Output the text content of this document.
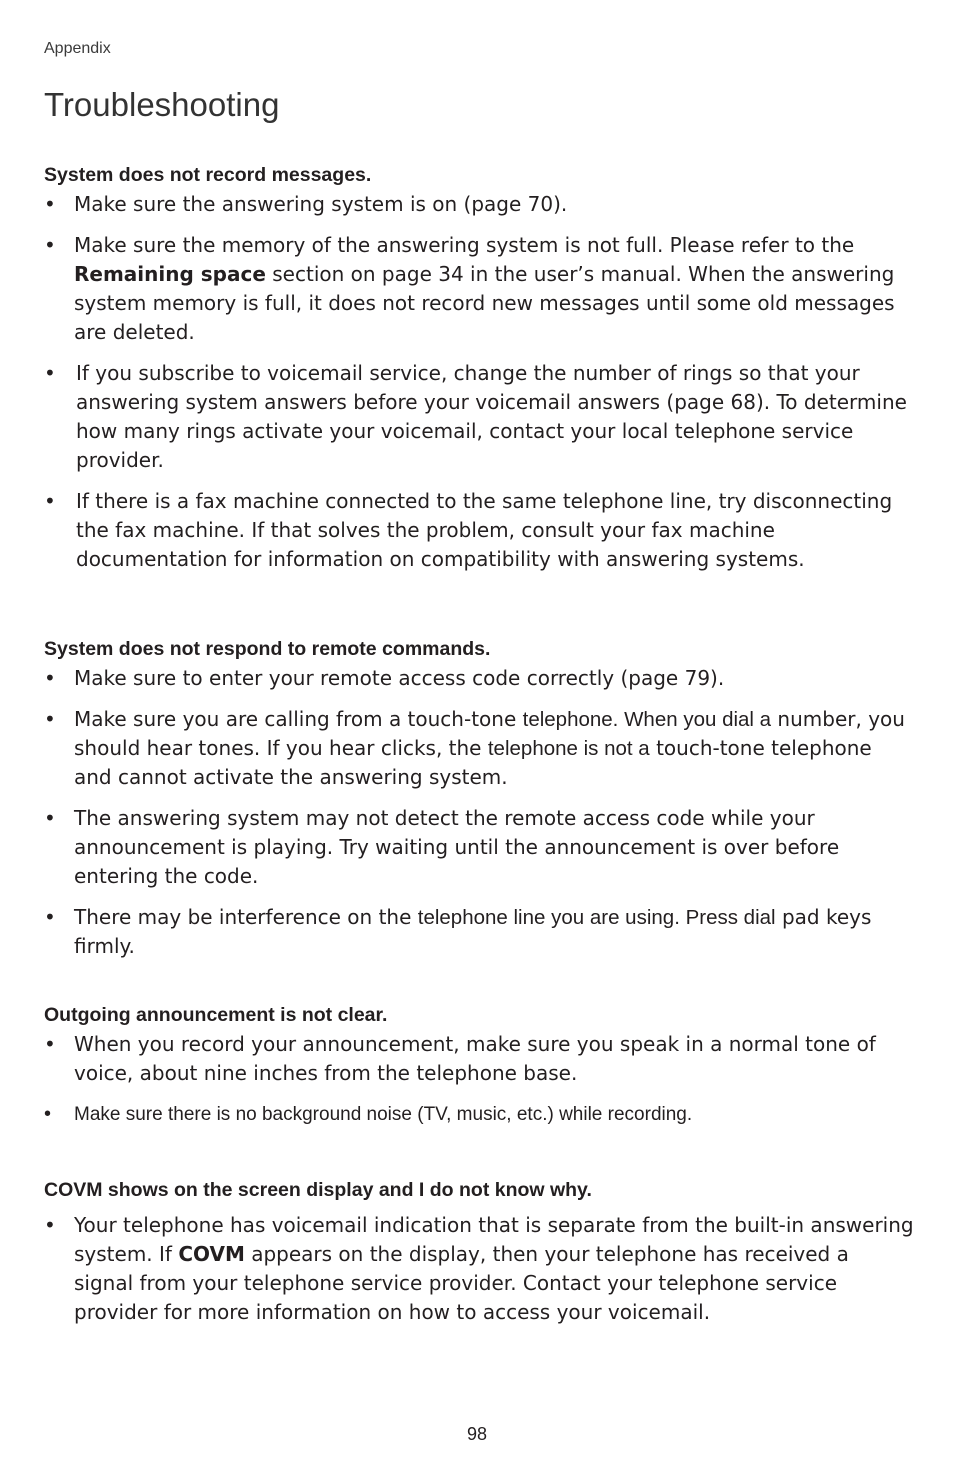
Appendix
Troubleshooting

System does not record messages.

• Make sure the answering system is on (page 70).
• Make sure the memory of the answering system is not full. Please refer to the Remaining space section on page 34 in the user’s manual. When the answering system memory is full, it does not record new messages until some old messages are deleted.
• If you subscribe to voicemail service, change the number of rings so that your answering system answers before your voicemail answers (page 68). To determine how many rings activate your voicemail, contact your local telephone service provider.
• If there is a fax machine connected to the same telephone line, try disconnecting the fax machine. If that solves the problem, consult your fax machine documentation for information on compatibility with answering systems.

System does not respond to remote commands.

• Make sure to enter your remote access code correctly (page 79).
• Make sure you are calling from a touch-tone telephone. When you dial a number, you should hear tones. If you hear clicks, the telephone is not a touch-tone telephone and cannot activate the answering system.
• The answering system may not detect the remote access code while your announcement is playing. Try waiting until the announcement is over before entering the code.
• There may be interference on the telephone line you are using. Press dial pad keys firmly.

Outgoing announcement is not clear.

• When you record your announcement, make sure you speak in a normal tone of voice, about nine inches from the telephone base.
• Make sure there is no background noise (TV, music, etc.) while recording.

COVM shows on the screen display and I do not know why.

• Your telephone has voicemail indication that is separate from the built-in answering system. If COVM appears on the display, then your telephone has received a signal from your telephone service provider. Contact your telephone service provider for more information on how to access your voicemail.
98
